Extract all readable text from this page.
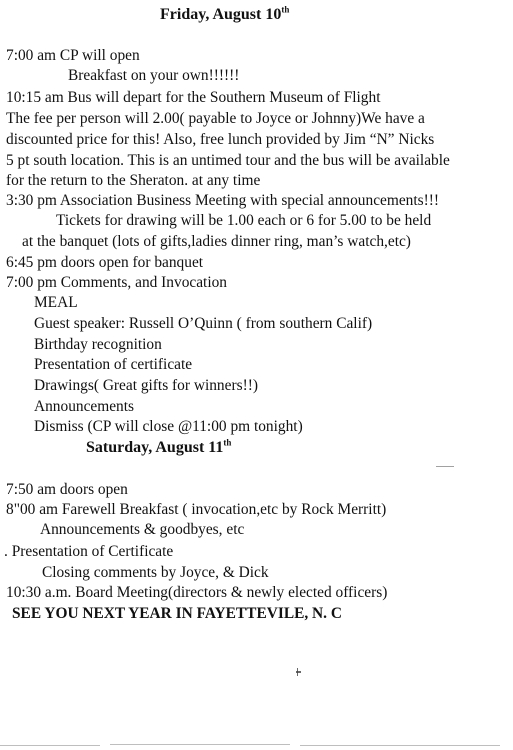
Friday, August 10th
7:00 am CP will open
Breakfast on your own!!!!!!
10:15 am Bus will depart for the Southern Museum of Flight
The fee per person will 2.00( payable to Joyce or Johnny)We have a
discounted price for this! Also, free lunch provided by Jim “N” Nicks
5 pt south location. This is an untimed tour and the bus will be available
for the return to the Sheraton. at any time
3:30 pm Association Business Meeting with special announcements!!!
Tickets for drawing will be 1.00 each or 6 for 5.00 to be held
at the banquet (lots of gifts,ladies dinner ring, man’s watch,etc)
6:45 pm doors open for banquet
7:00 pm Comments, and Invocation
MEAL
Guest speaker: Russell O’Quinn ( from southern Calif)
Birthday recognition
Presentation of certificate
Drawings( Great gifts for winners!!)
Announcements
Dismiss (CP will close @11:00 pm tonight)
Saturday, August 11th
7:50 am doors open
8"00 am Farewell Breakfast ( invocation,etc by Rock Merritt)
Announcements & goodbyes, etc
. Presentation of Certificate
Closing comments by Joyce, & Dick
10:30 a.m. Board Meeting(directors & newly elected officers)
SEE YOU NEXT YEAR IN FAYETTEVILE, N. C
